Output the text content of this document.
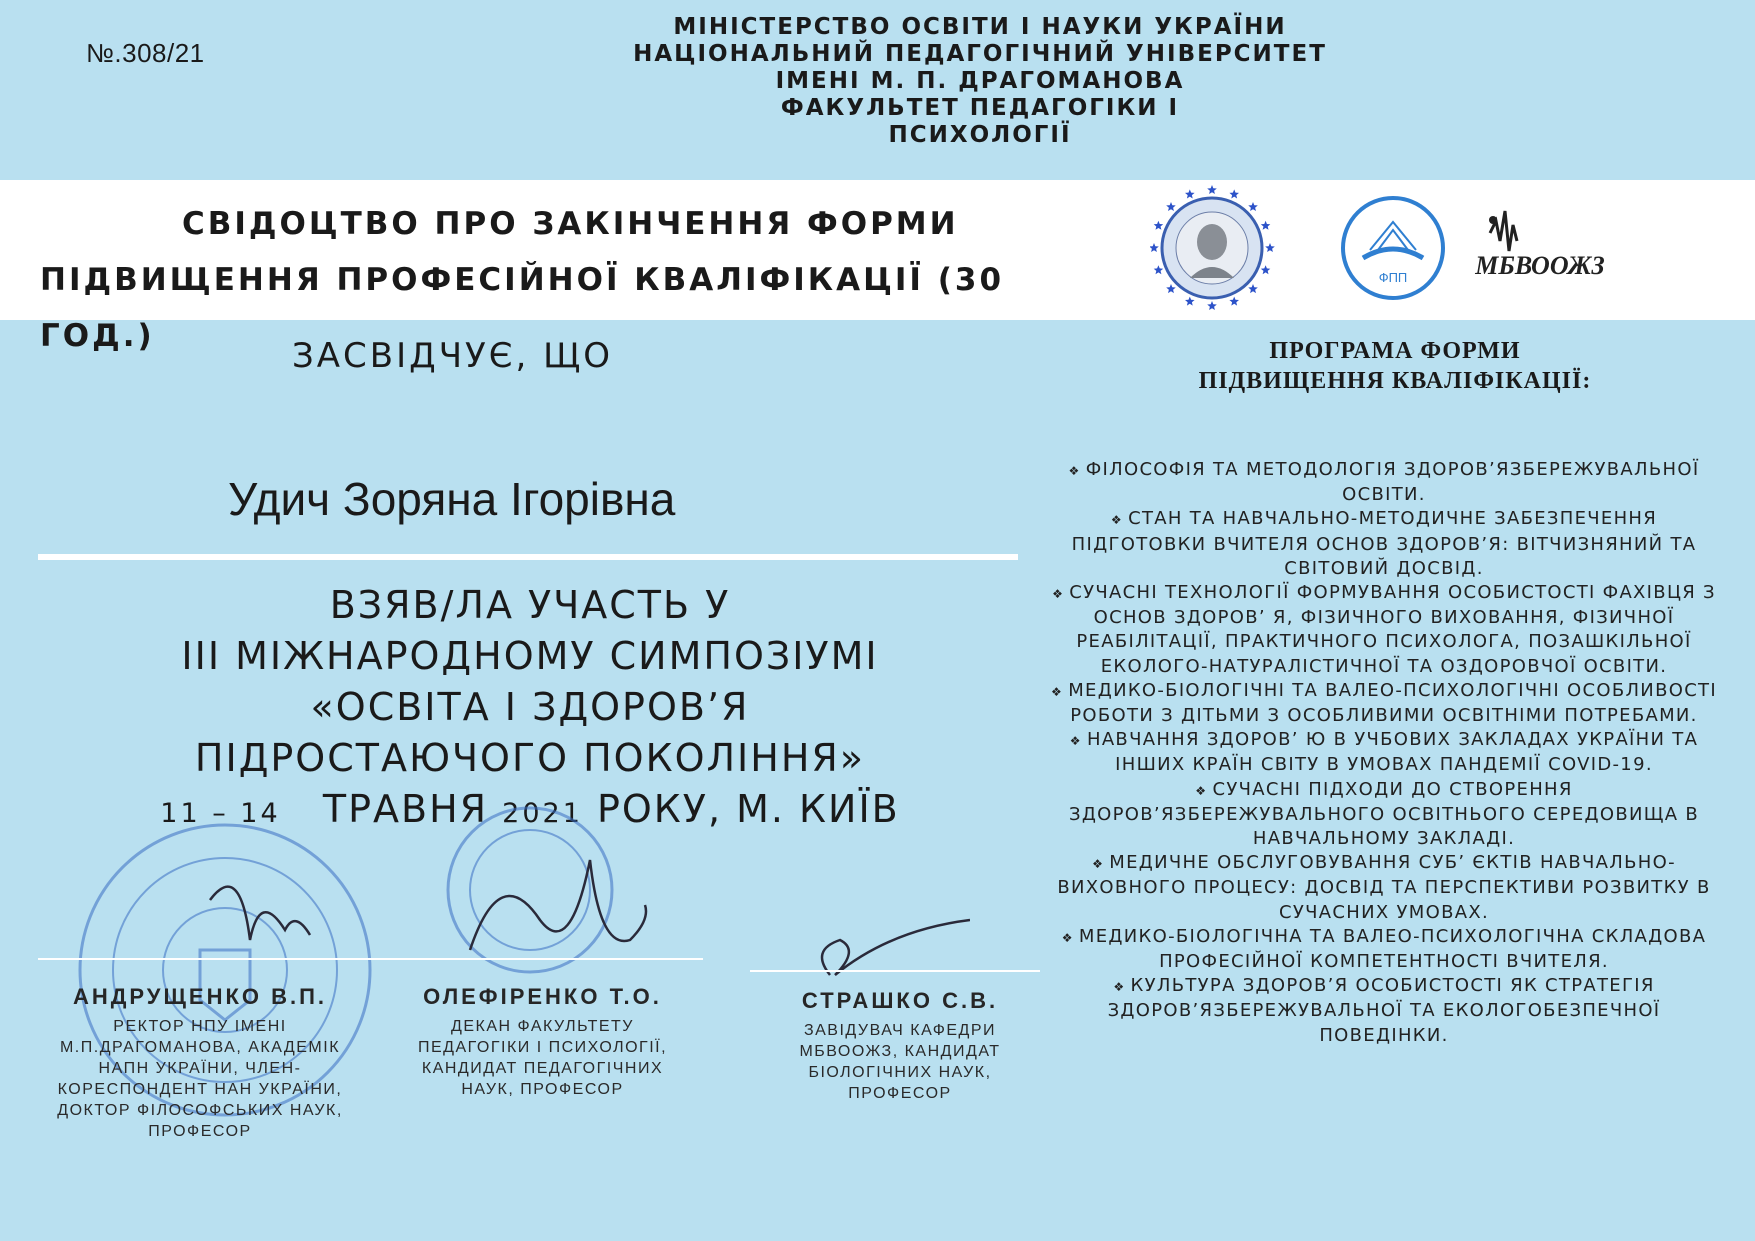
№.308/21
МІНІСТЕРСТВО ОСВІТИ І НАУКИ УКРАЇНИ
НАЦІОНАЛЬНИЙ ПЕДАГОГІЧНИЙ УНІВЕРСИТЕТ
ІМЕНІ М. П. ДРАГОМАНОВА
ФАКУЛЬТЕТ ПЕДАГОГІКИ І
ПСИХОЛОГІЇ
СВІДОЦТВО ПРО ЗАКІНЧЕННЯ ФОРМИ
ПІДВИЩЕННЯ ПРОФЕСІЙНОЇ КВАЛІФІКАЦІЇ (30 ГОД.)
ФПП	МБВООЖЗ
ЗАСВІДЧУЄ, ЩО
Удич Зоряна Ігорівна
ВЗЯВ/ЛА УЧАСТЬ У
ІІІ МІЖНАРОДНОМУ СИМПОЗІУМІ
«ОСВІТА І ЗДОРОВ’Я
ПІДРОСТАЮЧОГО ПОКОЛІННЯ»
11 – 14 ТРАВНЯ 2021 РОКУ, М. КИЇВ
АНДРУЩЕНКО В.П.
РЕКТОР НПУ ІМЕНІ
М.П.ДРАГОМАНОВА, АКАДЕМІК
НАПН УКРАЇНИ, ЧЛЕН-
КОРЕСПОНДЕНТ НАН УКРАЇНИ,
ДОКТОР ФІЛОСОФСЬКИХ НАУК,
ПРОФЕСОР
ОЛЕФІРЕНКО Т.О.
ДЕКАН ФАКУЛЬТЕТУ
ПЕДАГОГІКИ І ПСИХОЛОГІЇ,
КАНДИДАТ ПЕДАГОГІЧНИХ
НАУК, ПРОФЕСОР
СТРАШКО С.В.
ЗАВІДУВАЧ КАФЕДРИ
МБВООЖЗ, КАНДИДАТ
БІОЛОГІЧНИХ НАУК,
ПРОФЕСОР
ПРОГРАМА ФОРМИ
ПІДВИЩЕННЯ КВАЛІФІКАЦІЇ:
❖ ФІЛОСОФІЯ ТА МЕТОДОЛОГІЯ ЗДОРОВ’ЯЗБЕРЕЖУВАЛЬНОЇ ОСВІТИ.
❖ СТАН ТА НАВЧАЛЬНО-МЕТОДИЧНЕ ЗАБЕЗПЕЧЕННЯ ПІДГОТОВКИ ВЧИТЕЛЯ ОСНОВ ЗДОРОВ’Я: ВІТЧИЗНЯНИЙ ТА СВІТОВИЙ ДОСВІД.
❖ СУЧАСНІ ТЕХНОЛОГІЇ ФОРМУВАННЯ ОСОБИСТОСТІ ФАХІВЦЯ З ОСНОВ ЗДОРОВ’ Я, ФІЗИЧНОГО ВИХОВАННЯ, ФІЗИЧНОЇ РЕАБІЛІТАЦІЇ, ПРАКТИЧНОГО ПСИХОЛОГА, ПОЗАШКІЛЬНОЇ ЕКОЛОГО-НАТУРАЛІСТИЧНОЇ ТА ОЗДОРОВЧОЇ ОСВІТИ.
❖ МЕДИКО-БІОЛОГІЧНІ ТА ВАЛЕО-ПСИХОЛОГІЧНІ ОСОБЛИВОСТІ РОБОТИ З ДІТЬМИ З ОСОБЛИВИМИ ОСВІТНІМИ ПОТРЕБАМИ.
❖ НАВЧАННЯ ЗДОРОВ’ Ю В УЧБОВИХ ЗАКЛАДАХ УКРАЇНИ ТА ІНШИХ КРАЇН СВІТУ В УМОВАХ ПАНДЕМІЇ COVID-19.
❖ СУЧАСНІ ПІДХОДИ ДО СТВОРЕННЯ ЗДОРОВ’ЯЗБЕРЕЖУВАЛЬНОГО ОСВІТНЬОГО СЕРЕДОВИЩА В НАВЧАЛЬНОМУ ЗАКЛАДІ.
❖ МЕДИЧНЕ ОБСЛУГОВУВАННЯ СУБ’ ЄКТІВ НАВЧАЛЬНО-ВИХОВНОГО ПРОЦЕСУ: ДОСВІД ТА ПЕРСПЕКТИВИ РОЗВИТКУ В СУЧАСНИХ УМОВАХ.
❖ МЕДИКО-БІОЛОГІЧНА ТА ВАЛЕО-ПСИХОЛОГІЧНА СКЛАДОВА ПРОФЕСІЙНОЇ КОМПЕТЕНТНОСТІ ВЧИТЕЛЯ.
❖ КУЛЬТУРА ЗДОРОВ’Я ОСОБИСТОСТІ ЯК СТРАТЕГІЯ ЗДОРОВ’ЯЗБЕРЕЖУВАЛЬНОЇ ТА ЕКОЛОГОБЕЗПЕЧНОЇ ПОВЕДІНКИ.
